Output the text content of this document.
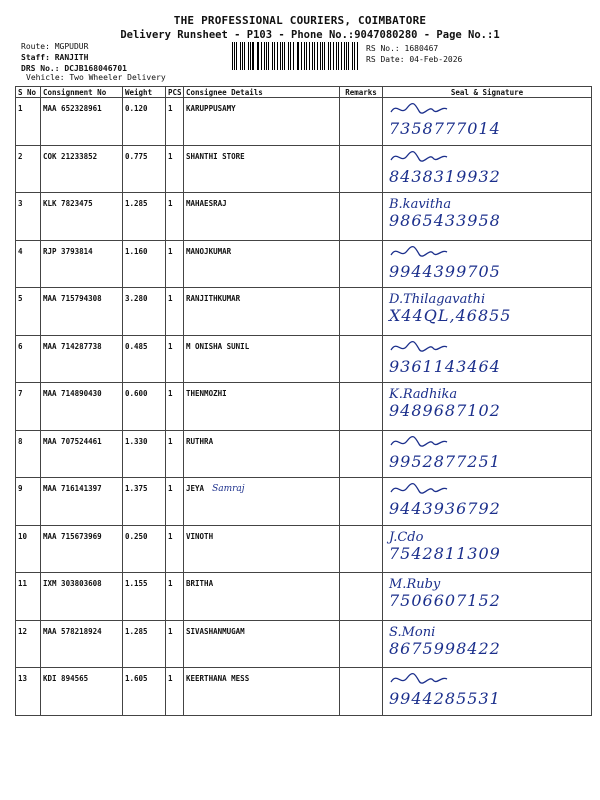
THE PROFESSIONAL COURIERS, COIMBATORE
Delivery Runsheet - P103 - Phone No.:9047080280 - Page No.:1
Route: MGPUDUR
Staff: RANJITH
DRS No.: DCJB168046701
Vehicle: Two Wheeler Delivery
RS No.: 1680467
RS Date: 04-Feb-2026
S No	Consignment No	Weight	PCS	Consignee Details	Remarks	Seal & Signature
1	MAA 652328961	0.120	1	KARUPPUSAMY		7358777014

2	COK 21233852	0.775	1	SHANTHI STORE		8438319932

3	KLK 7823475	1.285	1	MAHAESRAJ		B.kavitha
9865433958

4	RJP 3793814	1.160	1	MANOJKUMAR		9944399705

5	MAA 715794308	3.280	1	RANJITHKUMAR		D.Thilagavathi
X44QL,46855

6	MAA 714287738	0.485	1	M ONISHA SUNIL		9361143464

7	MAA 714890430	0.600	1	THENMOZHI		K.Radhika
9489687102

8	MAA 707524461	1.330	1	RUTHRA		9952877251

9	MAA 716141397	1.375	1	JEYA Samraj		9443936792

10	MAA 715673969	0.250	1	VINOTH		J.Cdo
7542811309

11	IXM 303803608	1.155	1	BRITHA		M.Ruby
7506607152

12	MAA 578218924	1.285	1	SIVASHANMUGAM		S.Moni
8675998422

13	KDI 894565	1.605	1	KEERTHANA MESS		9944285531
